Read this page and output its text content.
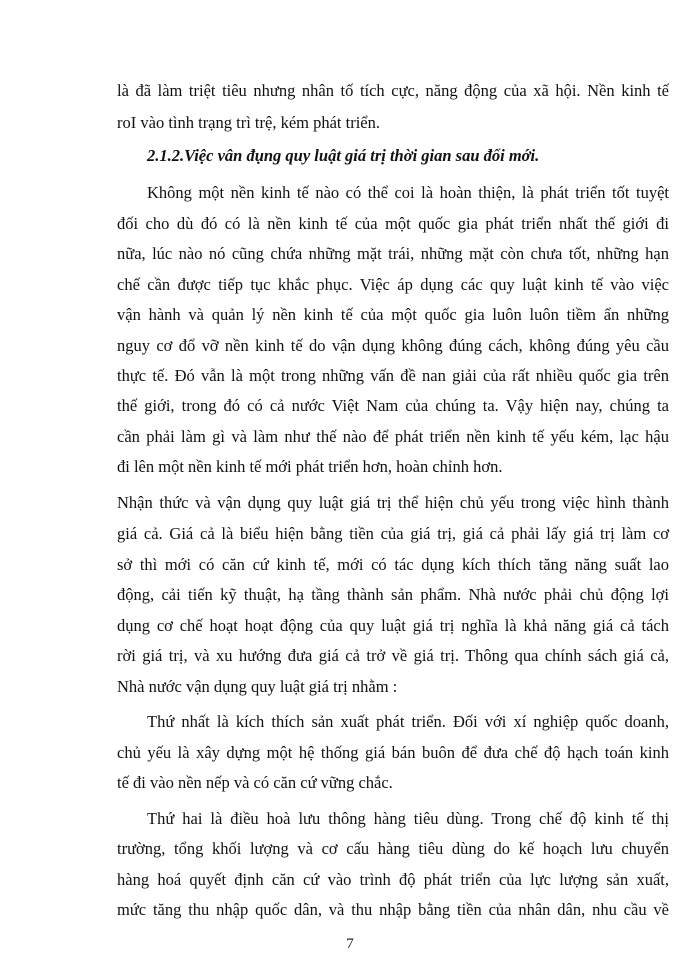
là đã làm triệt tiêu nhưng nhân tố tích cực, năng động của xã hội. Nền kinh tế
roI vào tình trạng trì trệ, kém phát triển.
2.1.2.Việc vân đụng quy luật giá trị thời gian sau đổi mới.
Không một nền kinh tế nào có thể coi là hoàn thiện, là phát triển tốt tuyệt
đối cho dù đó có là nền kinh tế của một quốc gia phát triển nhất thế giới đi
nữa, lúc nào nó cũng chứa những mặt trái, những mặt còn chưa tốt, những hạn
chế cần được tiếp tục khắc phục. Việc áp dụng các quy luật kinh tế vào việc
vận hành và quản lý nền kinh tế của một quốc gia luôn luôn tiềm ẩn những
nguy cơ đổ vỡ nền kinh tế do vận dụng không đúng cách, không đúng yêu cầu
thực tế. Đó vẫn là một trong những vấn đề nan giải của rất nhiều quốc gia trên
thế giới, trong đó có cả nước Việt Nam của chúng ta. Vậy hiện nay, chúng ta
cần phải làm gì và làm như thế nào để phát triển nền kinh tế yếu kém, lạc hậu
đi lên một nền kinh tế mới phát triển hơn, hoàn chỉnh hơn.
Nhận thức và vận dụng quy luật giá trị thể hiện chủ yếu trong việc hình thành
giá cả. Giá cả là biểu hiện bằng tiền của giá trị, giá cả phải lấy giá trị làm cơ
sở thì mới có căn cứ kinh tế, mới có tác dụng kích thích tăng năng suất lao
động, cải tiến kỹ thuật, hạ tầng thành sản phẩm. Nhà nước phải chủ động lợi
dụng cơ chế hoạt hoạt động của quy luật giá trị nghĩa là khả năng giá cả tách
rời giá trị, và xu hướng đưa giá cả trở về giá trị. Thông qua chính sách giá cả,
Nhà nước vận dụng quy luật giá trị nhằm :
Thứ nhất là kích thích sản xuất phát triển. Đối với xí nghiệp quốc doanh,
chủ yếu là xây dựng một hệ thống giá bán buôn để đưa chế độ hạch toán kinh
tế đi vào nền nếp và có căn cứ vững chắc.
Thứ hai là điều hoà lưu thông hàng tiêu dùng. Trong chế độ kinh tế thị
trường, tổng khối lượng và cơ cấu hàng tiêu dùng do kế hoạch lưu chuyển
hàng hoá quyết định căn cứ vào trình độ phát triển của lực lượng sản xuất,
mức tăng thu nhập quốc dân, và thu nhập bằng tiền của nhân dân, nhu cầu về
7
